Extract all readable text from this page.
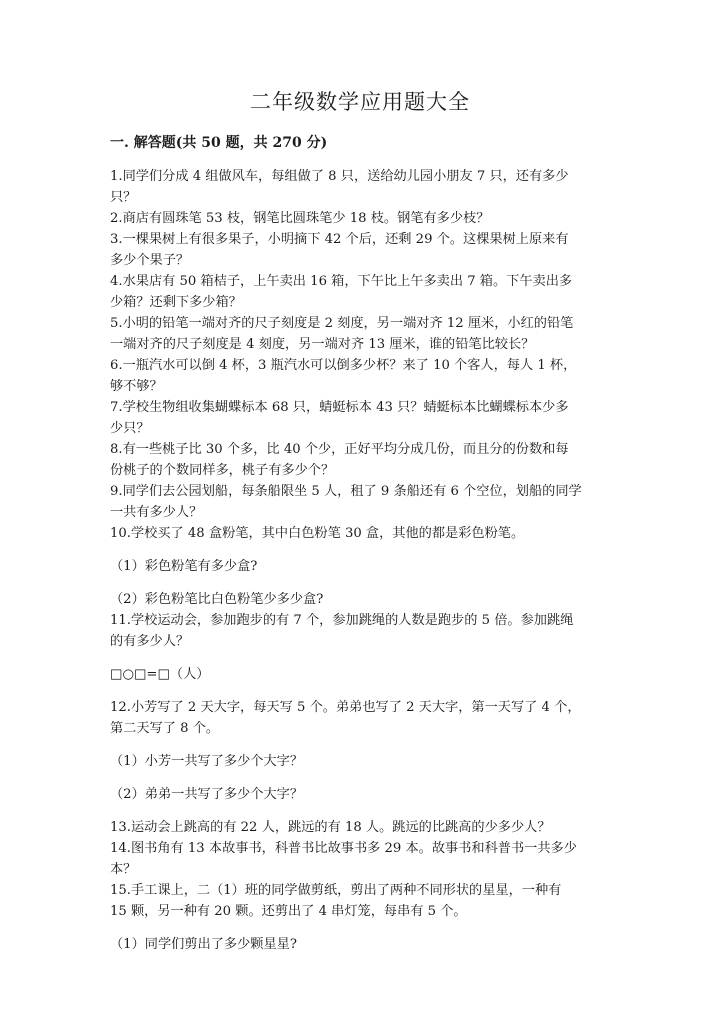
二年级数学应用题大全
一. 解答题(共 50 题，共 270 分)
1.同学们分成 4 组做风车，每组做了 8 只，送给幼儿园小朋友 7 只，还有多少
只？
2.商店有圆珠笔 53 枝，钢笔比圆珠笔少 18 枝。钢笔有多少枝？
3.一棵果树上有很多果子，小明摘下 42 个后，还剩 29 个。这棵果树上原来有
多少个果子？
4.水果店有 50 箱桔子，上午卖出 16 箱，下午比上午多卖出 7 箱。下午卖出多
少箱？还剩下多少箱？
5.小明的铅笔一端对齐的尺子刻度是 2 刻度，另一端对齐 12 厘米，小红的铅笔
一端对齐的尺子刻度是 4 刻度，另一端对齐 13 厘米，谁的铅笔比较长？
6.一瓶汽水可以倒 4 杯，3 瓶汽水可以倒多少杯？来了 10 个客人，每人 1 杯，
够不够？
7.学校生物组收集蝴蝶标本 68 只，蜻蜓标本 43 只？蜻蜓标本比蝴蝶标本少多
少只？
8.有一些桃子比 30 个多，比 40 个少，正好平均分成几份，而且分的份数和每
份桃子的个数同样多，桃子有多少个？
9.同学们去公园划船，每条船限坐 5 人，租了 9 条船还有 6 个空位，划船的同学
一共有多少人？
10.学校买了 48 盒粉笔，其中白色粉笔 30 盒，其他的都是彩色粉笔。
（1）彩色粉笔有多少盒?
（2）彩色粉笔比白色粉笔少多少盒?
11.学校运动会，参加跑步的有 7 个，参加跳绳的人数是跑步的 5 倍。参加跳绳
的有多少人？
□○□=□（人）
12.小芳写了 2 天大字，每天写 5 个。弟弟也写了 2 天大字，第一天写了 4 个，
第二天写了 8 个。
（1）小芳一共写了多少个大字？
（2）弟弟一共写了多少个大字？
13.运动会上跳高的有 22 人，跳远的有 18 人。跳远的比跳高的少多少人？
14.图书角有 13 本故事书，科普书比故事书多 29 本。故事书和科普书一共多少
本？
15.手工课上，二（1）班的同学做剪纸，剪出了两种不同形状的星星，一种有
15 颗，另一种有 20 颗。还剪出了 4 串灯笼，每串有 5 个。
（1）同学们剪出了多少颗星星?
